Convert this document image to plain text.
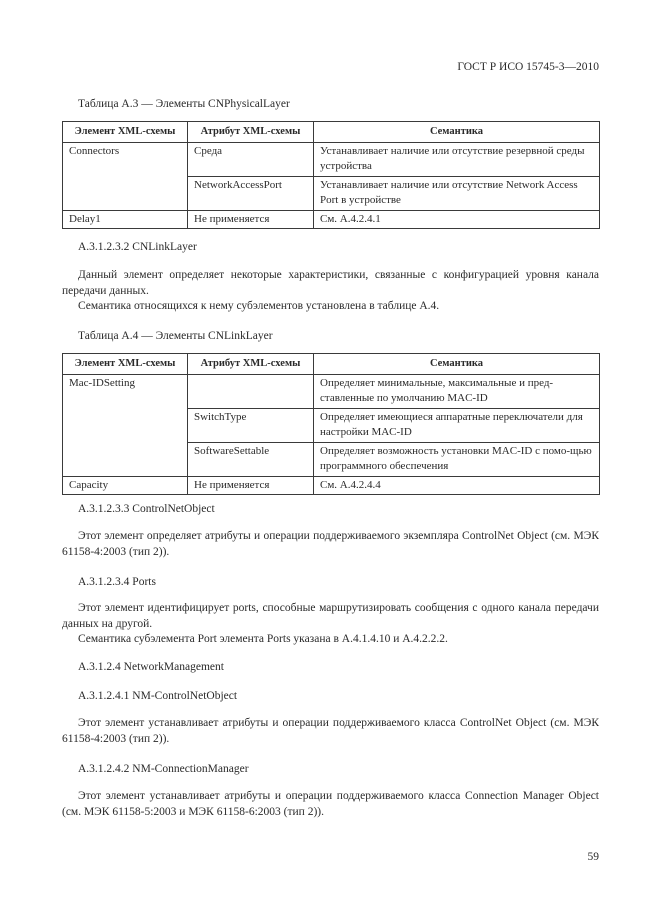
ГОСТ Р ИСО 15745-3—2010
Таблица А.3 — Элементы CNPhysicalLayer
Элемент XML-схемы	Атрибут XML-схемы	Семантика
Connectors	Среда	Устанавливает наличие или отсутствие резервной среды устройства
	NetworkAccessPort	Устанавливает наличие или отсутствие Network Access Port в устройстве
Delay1	Не применяется	См. А.4.2.4.1
А.3.1.2.3.2 CNLinkLayer
Данный элемент определяет некоторые характеристики, связанные с конфигурацией уровня канала передачи данных.
Семантика относящихся к нему субэлементов установлена в таблице А.4.
Таблица А.4 — Элементы CNLinkLayer
Элемент XML-схемы	Атрибут XML-схемы	Семантика
Mac-IDSetting		Определяет минимальные, максимальные и пред-ставленные по умолчанию MAC-ID
	SwitchType	Определяет имеющиеся аппаратные переключатели для настройки MAC-ID
	SoftwareSettable	Определяет возможность установки MAC-ID с помо-щью программного обеспечения
Capacity	Не применяется	См. А.4.2.4.4
А.3.1.2.3.3 ControlNetObject
Этот элемент определяет атрибуты и операции поддерживаемого экземпляра ControlNet Object (см. МЭК 61158-4:2003 (тип 2)).
А.3.1.2.3.4 Ports
Этот элемент идентифицирует ports, способные маршрутизировать сообщения с одного канала передачи данных на другой.
Семантика субэлемента Port элемента Ports указана в А.4.1.4.10 и А.4.2.2.2.
А.3.1.2.4 NetworkManagement
А.3.1.2.4.1 NM-ControlNetObject
Этот элемент устанавливает атрибуты и операции поддерживаемого класса ControlNet Object (см. МЭК 61158-4:2003 (тип 2)).
А.3.1.2.4.2 NM-ConnectionManager
Этот элемент устанавливает атрибуты и операции поддерживаемого класса Connection Manager Object (см. МЭК 61158-5:2003 и МЭК 61158-6:2003 (тип 2)).
59
